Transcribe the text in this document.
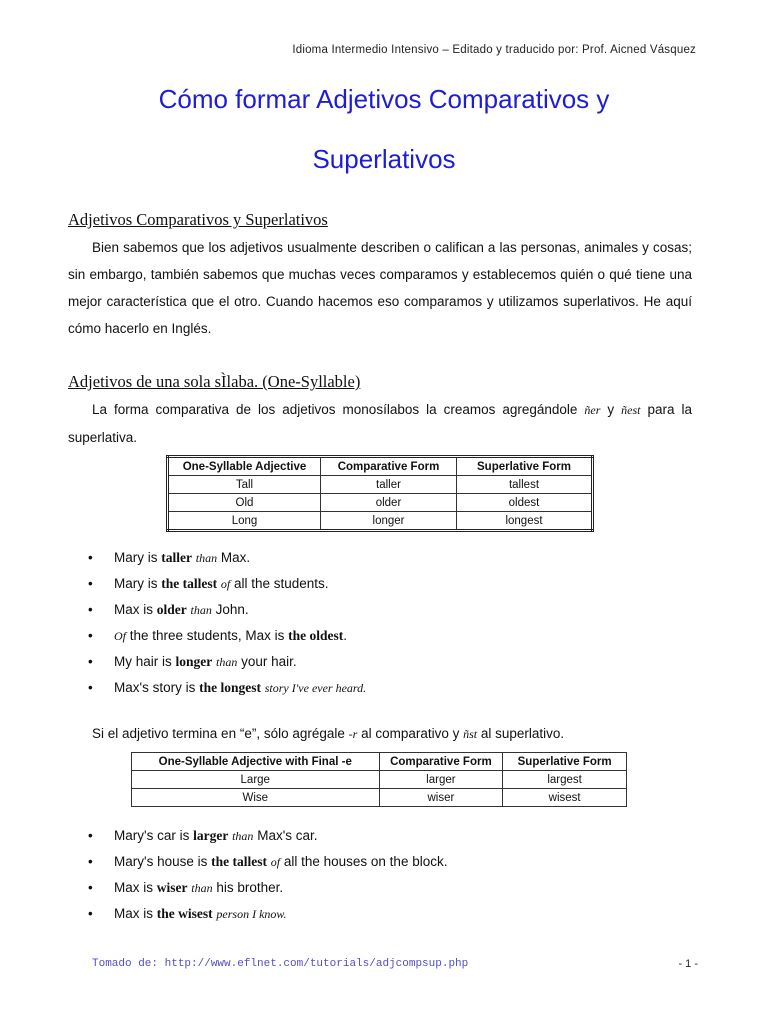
Idioma Intermedio Intensivo – Editado y traducido por: Prof. Aicned Vásquez
Cómo formar Adjetivos Comparativos y
Superlativos
Adjetivos Comparativos y Superlativos
Bien sabemos que los adjetivos usualmente describen o califican a las personas, animales y cosas; sin embargo, también sabemos que muchas veces comparamos y establecemos quién o qué tiene una mejor característica que el otro. Cuando hacemos eso comparamos y utilizamos superlativos. He aquí cómo hacerlo en Inglés.
Adjetivos de una sola sÌlaba. (One-Syllable)
La forma comparativa de los adjetivos monosílabos la creamos agregándole ñer y ñest para la superlativa.
One-Syllable Adjective	Comparative Form	Superlative Form
Tall	taller	tallest
Old	older	oldest
Long	longer	longest
• Mary is taller than Max.
• Mary is the tallest of all the students.
• Max is older than John.
• Of the three students, Max is the oldest.
• My hair is longer than your hair.
• Max's story is the longest story I've ever heard.
Si el adjetivo termina en “e”, sólo agrégale -r al comparativo y ñst al superlativo.
One-Syllable Adjective with Final -e	Comparative Form	Superlative Form
Large	larger	largest
Wise	wiser	wisest
• Mary's car is larger than Max's car.
• Mary's house is the tallest of all the houses on the block.
• Max is wiser than his brother.
• Max is the wisest person I know.
Tomado de: http://www.eflnet.com/tutorials/adjcompsup.php	- 1 -
